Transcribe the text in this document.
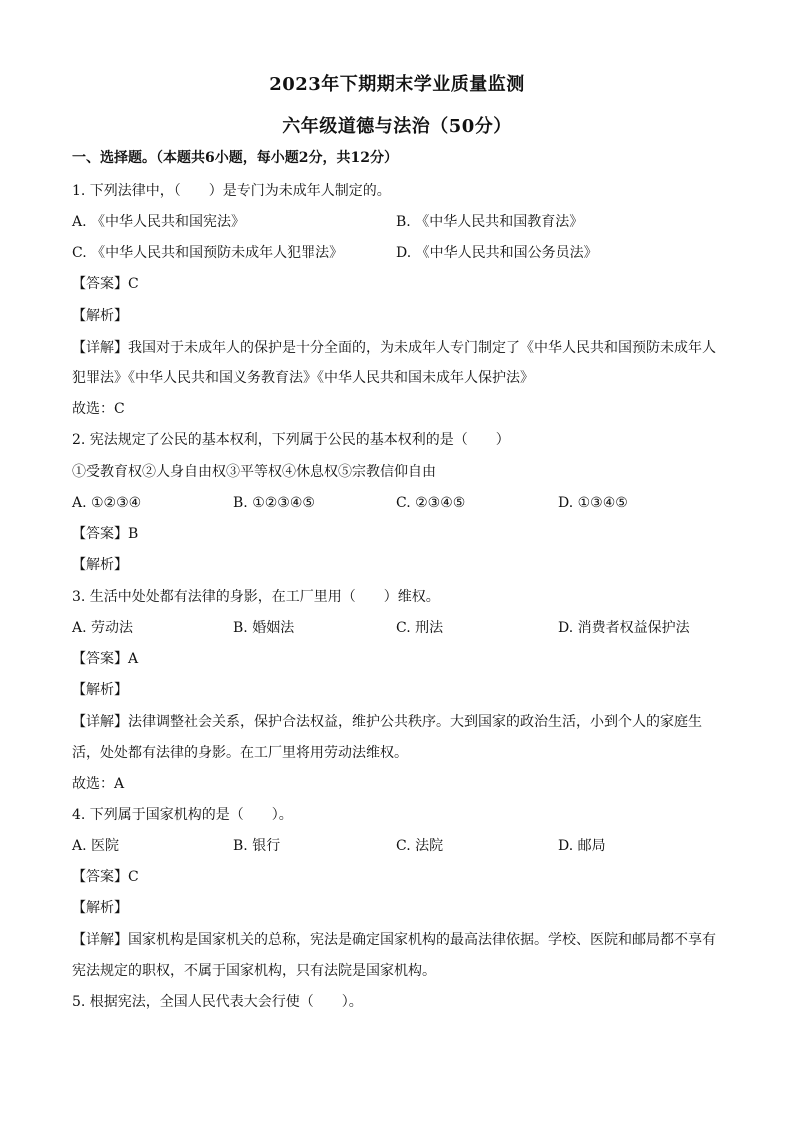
2023年下期期末学业质量监测
六年级道德与法治（50分）
一、选择题。（本题共6小题，每小题2分，共12分）
1. 下列法律中，（　　）是专门为未成年人制定的。
A. 《中华人民共和国宪法》	B. 《中华人民共和国教育法》
C. 《中华人民共和国预防未成年人犯罪法》	D. 《中华人民共和国公务员法》
【答案】C
【解析】
【详解】我国对于未成年人的保护是十分全面的，为未成年人专门制定了《中华人民共和国预防未成年人
犯罪法》《中华人民共和国义务教育法》《中华人民共和国未成年人保护法》
故选：C
2. 宪法规定了公民的基本权利，下列属于公民的基本权利的是（　　）
①受教育权②人身自由权③平等权④休息权⑤宗教信仰自由
A. ①②③④	B. ①②③④⑤	C. ②③④⑤	D. ①③④⑤
【答案】B
【解析】
3. 生活中处处都有法律的身影，在工厂里用（　　）维权。
A. 劳动法	B. 婚姻法	C. 刑法	D. 消费者权益保护法
【答案】A
【解析】
【详解】法律调整社会关系，保护合法权益，维护公共秩序。大到国家的政治生活，小到个人的家庭生
活，处处都有法律的身影。在工厂里将用劳动法维权。
故选：A
4. 下列属于国家机构的是（　　）。
A. 医院	B. 银行	C. 法院	D. 邮局
【答案】C
【解析】
【详解】国家机构是国家机关的总称，宪法是确定国家机构的最高法律依据。学校、医院和邮局都不享有
宪法规定的职权，不属于国家机构，只有法院是国家机构。
5. 根据宪法，全国人民代表大会行使（　　）。
